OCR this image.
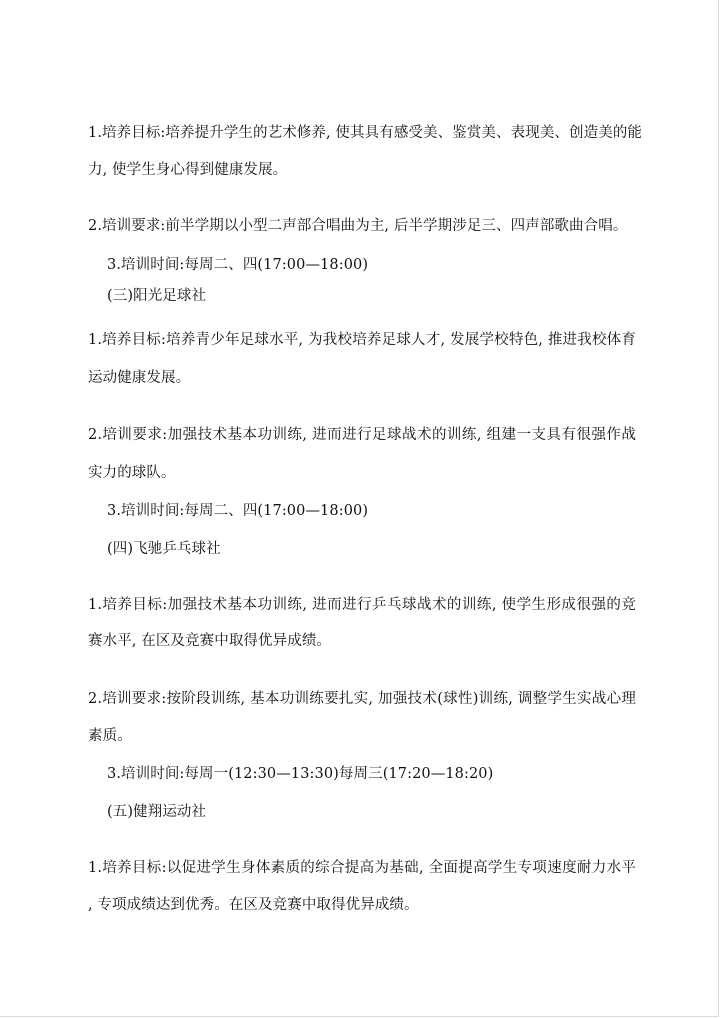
1.培养目标:培养提升学生的艺术修养, 使其具有感受美、鉴赏美、表现美、创造美的能
力, 使学生身心得到健康发展。
2.培训要求:前半学期以小型二声部合唱曲为主, 后半学期涉足三、四声部歌曲合唱。
3.培训时间:每周二、四(17:00—18:00)
(三)阳光足球社
1.培养目标:培养青少年足球水平, 为我校培养足球人才, 发展学校特色, 推进我校体育
运动健康发展。
2.培训要求:加强技术基本功训练, 进而进行足球战术的训练, 组建一支具有很强作战
实力的球队。
3.培训时间:每周二、四(17:00—18:00)
(四)飞驰乒乓球社
1.培养目标:加强技术基本功训练, 进而进行乒乓球战术的训练, 使学生形成很强的竞
赛水平, 在区及竞赛中取得优异成绩。
2.培训要求:按阶段训练, 基本功训练要扎实, 加强技术(球性)训练, 调整学生实战心理
素质。
3.培训时间:每周一(12:30—13:30)每周三(17:20—18:20)
(五)健翔运动社
1.培养目标:以促进学生身体素质的综合提高为基础, 全面提高学生专项速度耐力水平
, 专项成绩达到优秀。在区及竞赛中取得优异成绩。
